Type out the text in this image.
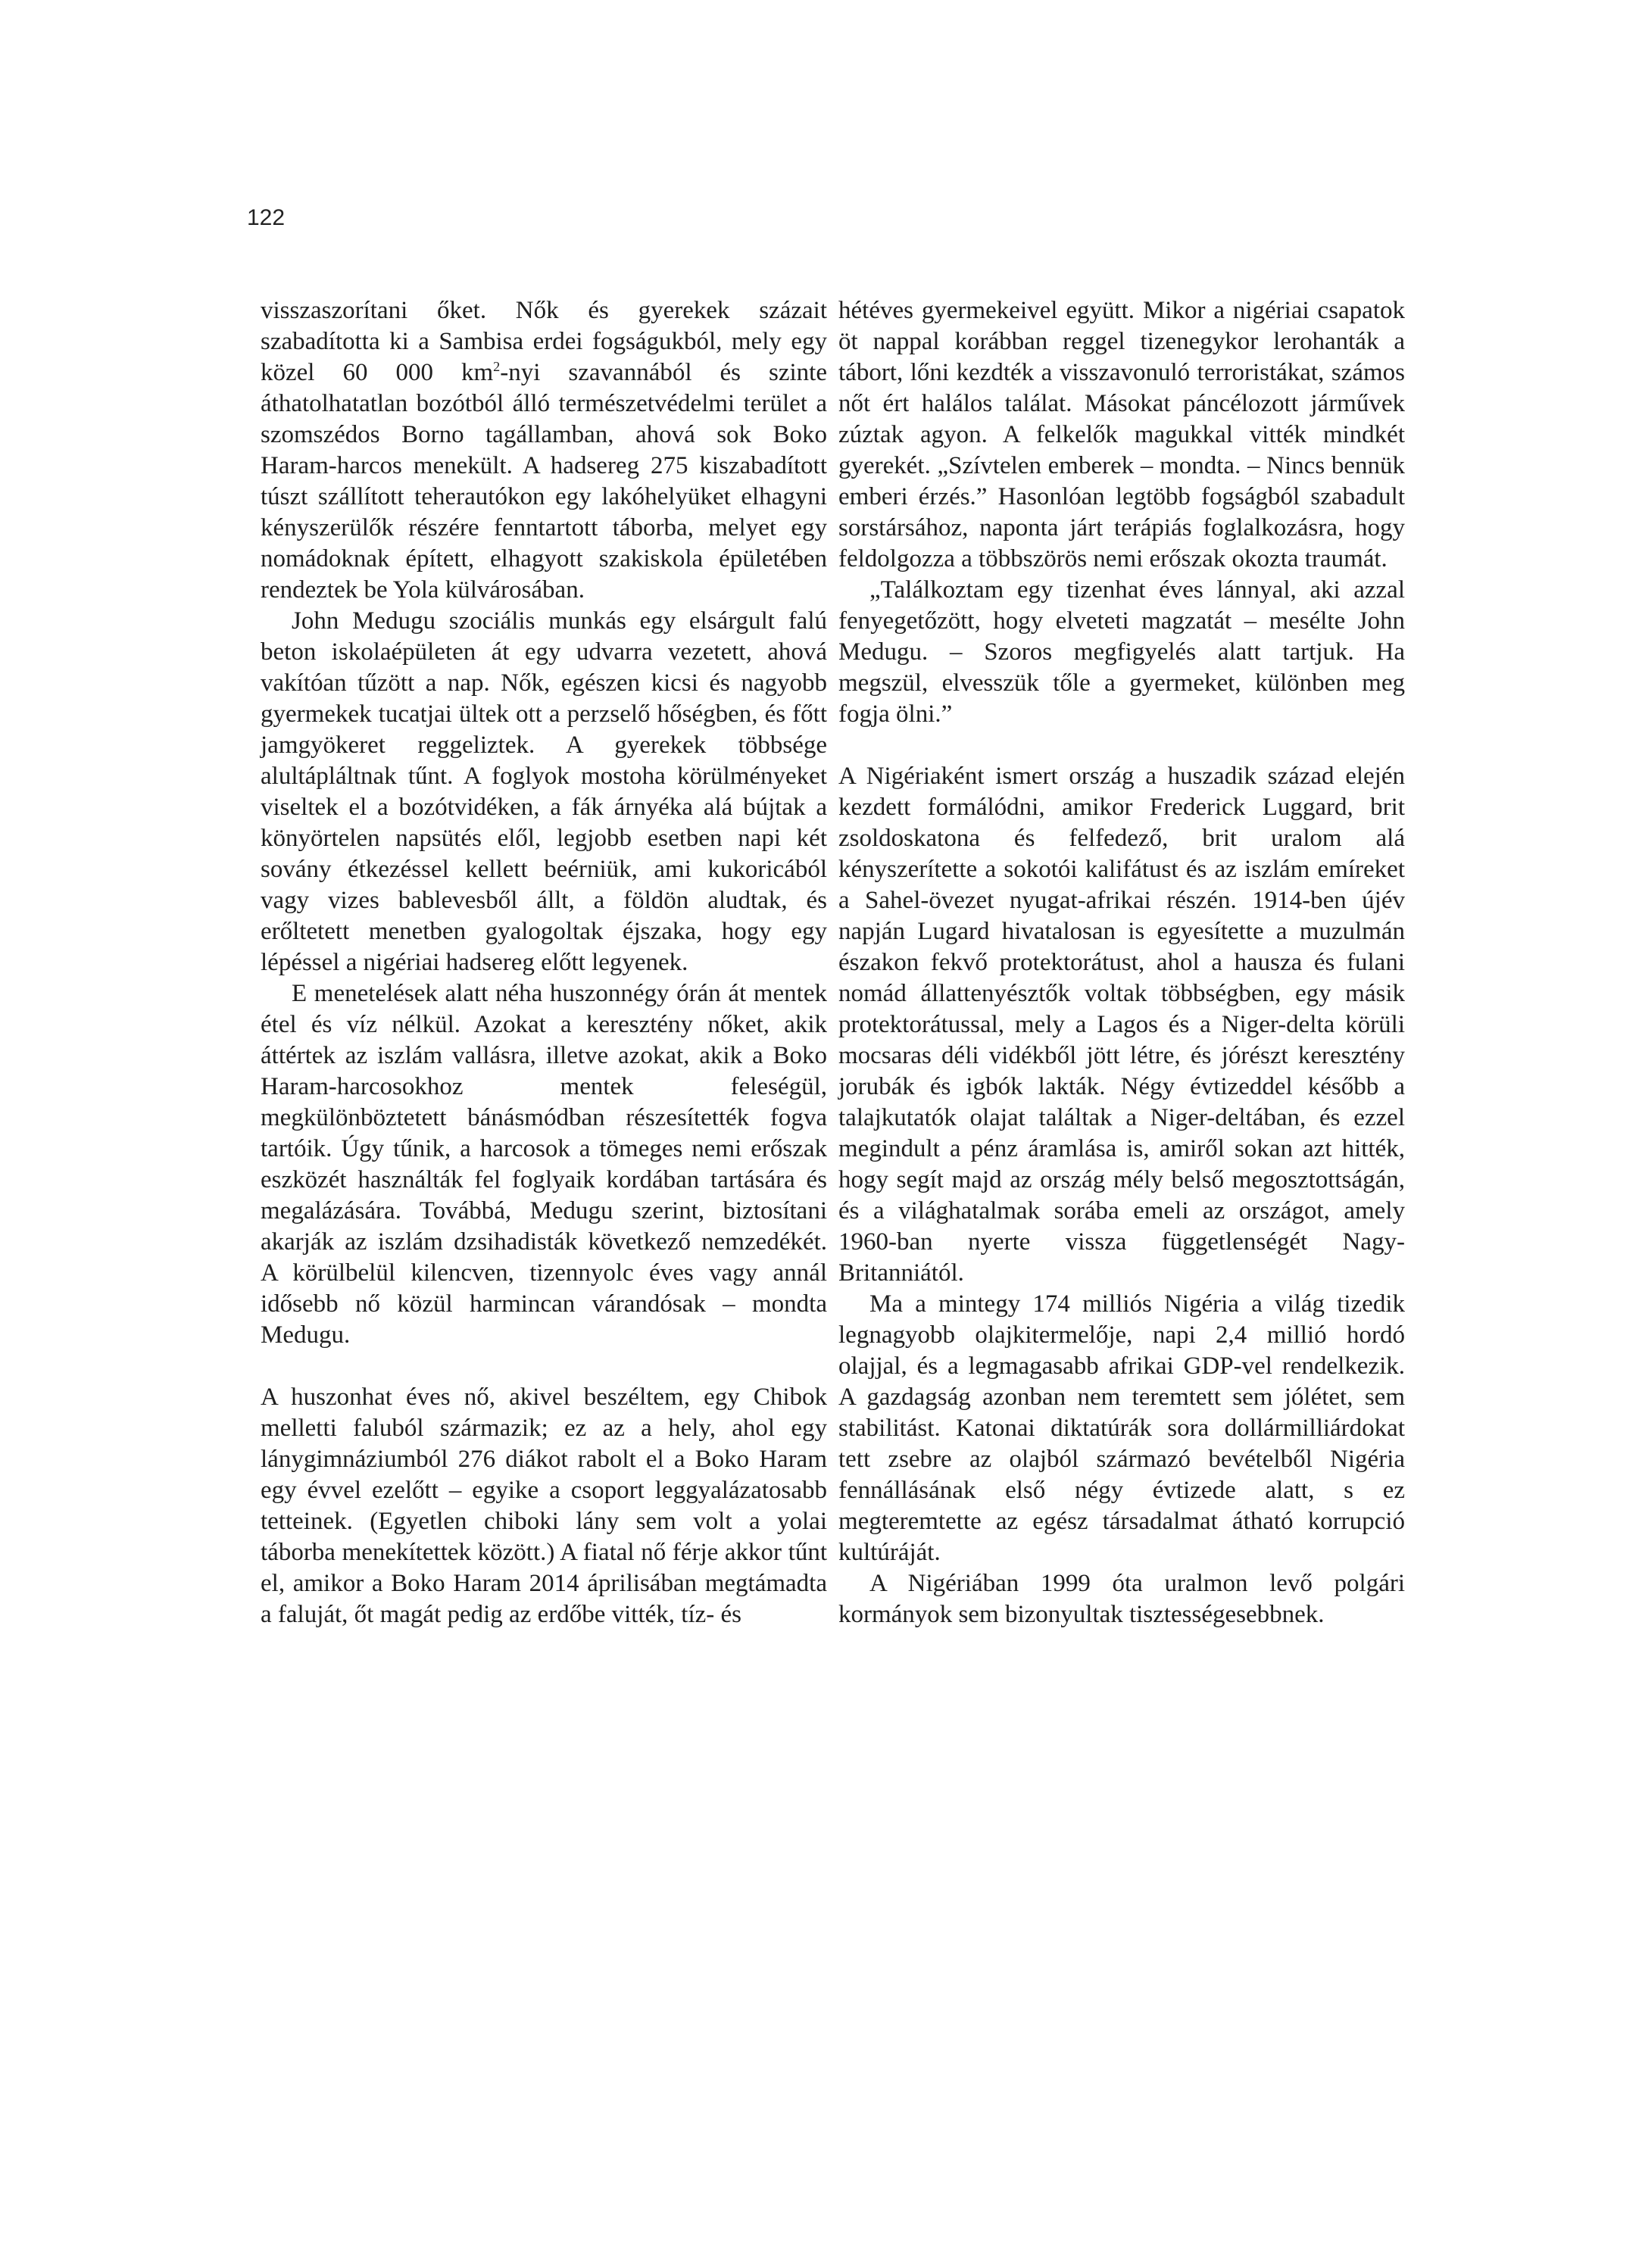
122

visszaszorítani őket. Nők és gyerekek százait szabadította ki a Sambisa erdei fogságukból, mely egy közel 60 000 $km^2$-nyi szavannából és szinte áthatolhatatlan bozótból álló természetvédelmi terület a szomszédos Borno tagállamban, ahová sok Boko Haram-harcos menekült. A hadsereg 275 kiszabadított túszt szállított teherautókon egy lakóhelyüket elhagyni kényszerülők részére fenntartott táborba, melyet egy nomádoknak épített, elhagyott szakiskola épületében rendeztek be Yola külvárosában.

John Medugu szociális munkás egy elsárgult falú beton iskolaépületen át egy udvarra vezetett, ahová vakítóan tűzött a nap. Nők, egészen kicsi és nagyobb gyermekek tucatjai ültek ott a perzselő hőségben, és főtt jamgyökeret reggeliztek. A gyerekek többsége alultápláltnak tűnt. A foglyok mostoha körülményeket viseltek el a bozótvidéken, a fák árnyéka alá bújtak a könyörtelen napsütés elől, legjobb esetben napi két sovány étkezéssel kellett beérniük, ami kukoricából vagy vizes bablevesből állt, a földön aludtak, és erőltetett menetben gyalogoltak éjszaka, hogy egy lépéssel a nigériai hadsereg előtt legyenek.

E menetelések alatt néha huszonnégy órán át mentek étel és víz nélkül. Azokat a keresztény nőket, akik áttértek az iszlám vallásra, illetve azokat, akik a Boko Haram-harcosokhoz mentek feleségül, megkülönböztetett bánásmódban részesítették fogva tartóik. Úgy tűnik, a harcosok a tömeges nemi erőszak eszközét használták fel foglyaik kordában tartására és megalázására. Továbbá, Medugu szerint, biztosítani akarják az iszlám dzsihadisták következő nemzedékét. A körülbelül kilencven, tizennyolc éves vagy annál idősebb nő közül harmincan várandósak – mondta Medugu.

A huszonhat éves nő, akivel beszéltem, egy Chibok melletti faluból származik; ez az a hely, ahol egy lánygimnáziumból 276 diákot rabolt el a Boko Haram egy évvel ezelőtt – egyike a csoport leggyalázatosabb tetteinek. (Egyetlen chiboki lány sem volt a yolai táborba menekítettek között.) A fiatal nő férje akkor tűnt el, amikor a Boko Haram 2014 áprilisában megtámadta a faluját, őt magát pedig az erdőbe vitték, tíz- és

hétéves gyermekeivel együtt. Mikor a nigériai csapatok öt nappal korábban reggel tizenegykor lerohanták a tábort, lőni kezdték a visszavonuló terroristákat, számos nőt ért halálos találat. Másokat páncélozott járművek zúztak agyon. A felkelők magukkal vitték mindkét gyerekét. „Szívtelen emberek – mondta. – Nincs bennük emberi érzés.” Hasonlóan legtöbb fogságból szabadult sorstársához, naponta járt terápiás foglalkozásra, hogy feldolgozza a többszörös nemi erőszak okozta traumát.

„Találkoztam egy tizenhat éves lánnyal, aki azzal fenyegetőzött, hogy elveteti magzatát – mesélte John Medugu. – Szoros megfigyelés alatt tartjuk. Ha megszül, elvesszük tőle a gyermeket, különben meg fogja ölni.”

A Nigériaként ismert ország a huszadik század elején kezdett formálódni, amikor Frederick Luggard, brit zsoldoskatona és felfedező, brit uralom alá kényszerítette a sokotói kalifátust és az iszlám emíreket a Sahel-övezet nyugat-afrikai részén. 1914-ben újév napján Lugard hivatalosan is egyesítette a muzulmán északon fekvő protektorátust, ahol a hausza és fulani nomád állattenyésztők voltak többségben, egy másik protektorátussal, mely a Lagos és a Niger-delta körüli mocsaras déli vidékből jött létre, és jórészt keresztény jorubák és igbók lakták. Négy évtizeddel később a talajkutatók olajat találtak a Niger-deltában, és ezzel megindult a pénz áramlása is, amiről sokan azt hitték, hogy segít majd az ország mély belső megosztottságán, és a világhatalmak sorába emeli az országot, amely 1960-ban nyerte vissza függetlenségét Nagy-Britanniától.

Ma a mintegy 174 milliós Nigéria a világ tizedik legnagyobb olajkitermelője, napi 2,4 millió hordó olajjal, és a legmagasabb afrikai GDP-vel rendelkezik. A gazdagság azonban nem teremtett sem jólétet, sem stabilitást. Katonai diktatúrák sora dollármilliárdokat tett zsebre az olajból származó bevételből Nigéria fennállásának első négy évtizede alatt, s ez megteremtette az egész társadalmat átható korrupció kultúráját.

A Nigériában 1999 óta uralmon levő polgári kormányok sem bizonyultak tisztességesebbnek.
